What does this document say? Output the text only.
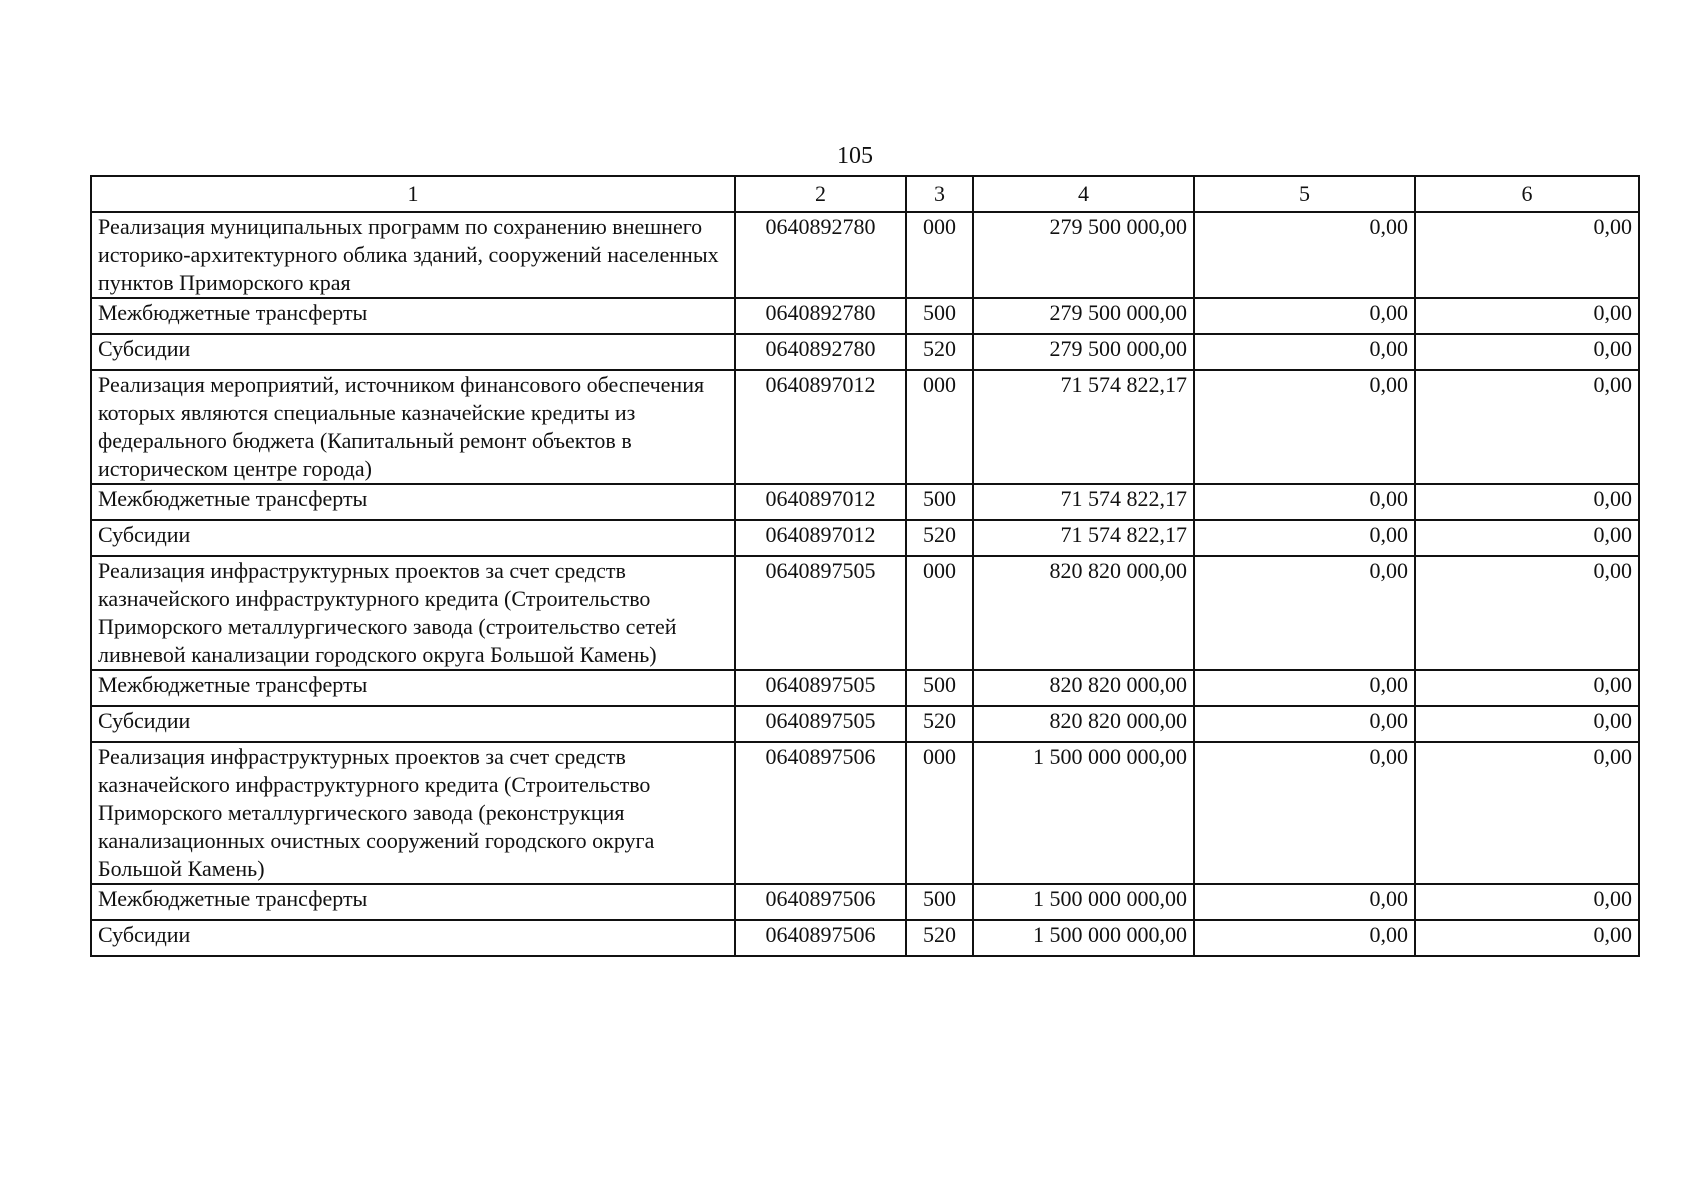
105
1	2	3	4	5	6
Реализация муниципальных программ по сохранению внешнего историко-архитектурного облика зданий, сооружений населенных пунктов Приморского края	0640892780	000	279 500 000,00	0,00	0,00
Межбюджетные трансферты	0640892780	500	279 500 000,00	0,00	0,00
Субсидии	0640892780	520	279 500 000,00	0,00	0,00
Реализация мероприятий, источником финансового обеспечения которых являются специальные казначейские кредиты из федерального бюджета (Капитальный ремонт объектов в историческом центре города)	0640897012	000	71 574 822,17	0,00	0,00
Межбюджетные трансферты	0640897012	500	71 574 822,17	0,00	0,00
Субсидии	0640897012	520	71 574 822,17	0,00	0,00
Реализация инфраструктурных проектов за счет средств казначейского инфраструктурного кредита (Строительство Приморского металлургического завода (строительство сетей ливневой канализации городского округа Большой Камень)	0640897505	000	820 820 000,00	0,00	0,00
Межбюджетные трансферты	0640897505	500	820 820 000,00	0,00	0,00
Субсидии	0640897505	520	820 820 000,00	0,00	0,00
Реализация инфраструктурных проектов за счет средств казначейского инфраструктурного кредита (Строительство Приморского металлургического завода (реконструкция канализационных очистных сооружений городского округа Большой Камень)	0640897506	000	1 500 000 000,00	0,00	0,00
Межбюджетные трансферты	0640897506	500	1 500 000 000,00	0,00	0,00
Субсидии	0640897506	520	1 500 000 000,00	0,00	0,00
